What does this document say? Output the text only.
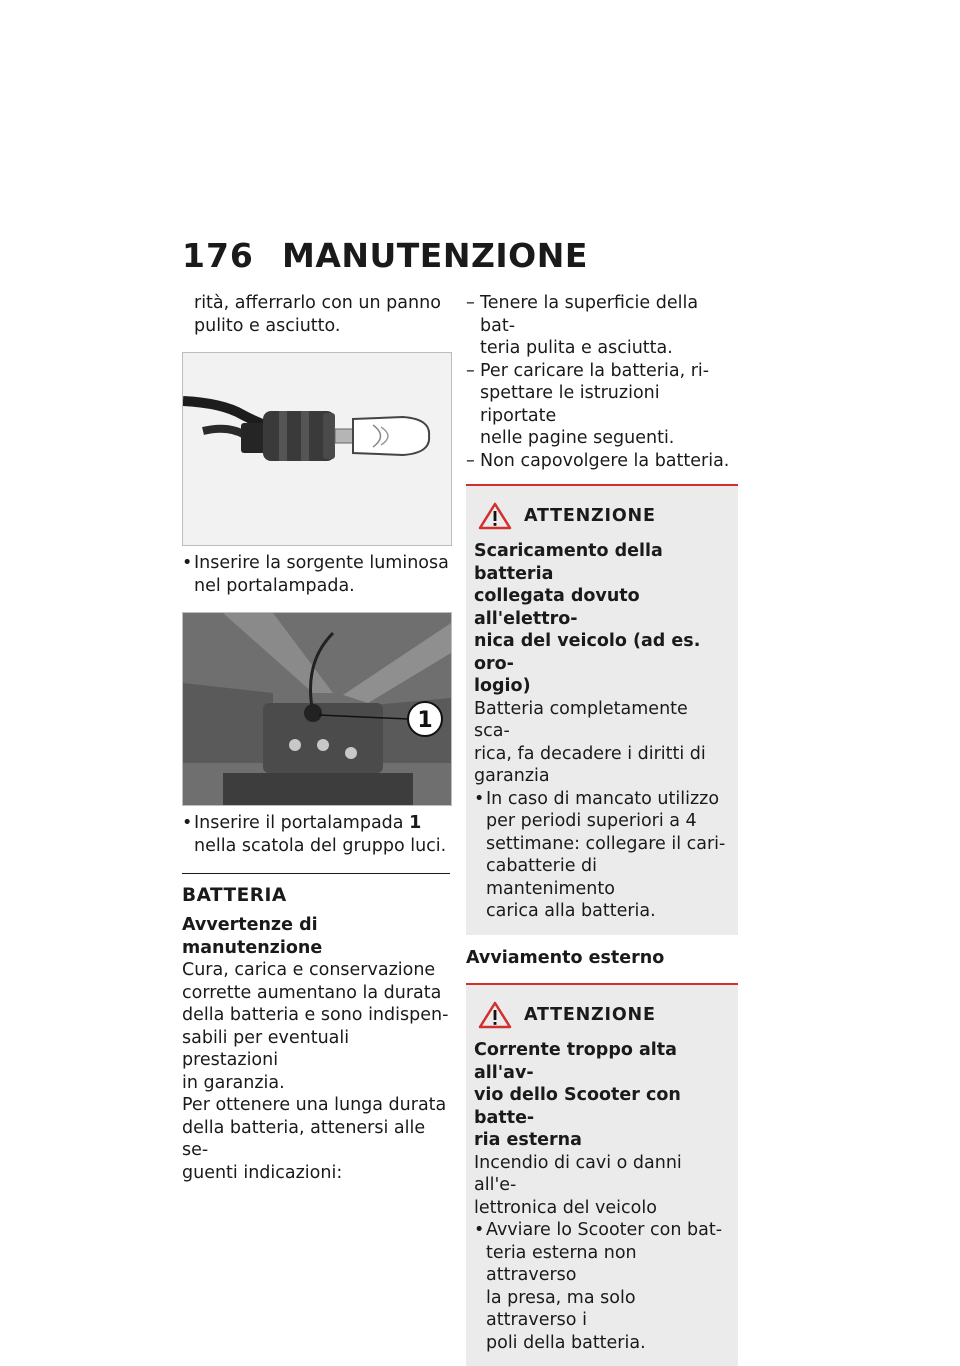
176 MANUTENZIONE

rità, afferrarlo con un panno

pulito e asciutto.

• Inserire la sorgente luminosa
nel portalampada.
1
• Inserire il portalampada 1
nella scatola del gruppo luci.

BATTERIA

Avvertenze di manutenzione

Cura, carica e conservazione

corrette aumentano la durata

della batteria e sono indispen-

sabili per eventuali prestazioni

in garanzia.

Per ottenere una lunga durata

della batteria, attenersi alle se-

guenti indicazioni:

– Tenere la superficie della bat-
teria pulita e asciutta.
– Per caricare la batteria, ri-
spettare le istruzioni riportate
nelle pagine seguenti.
– Non capovolgere la batteria.
ATTENZIONE
Scaricamento della batteria
collegata dovuto all'elettro-
nica del veicolo (ad es. oro-
logio)
Batteria completamente sca-
rica, fa decadere i diritti di
garanzia
• In caso di mancato utilizzo
per periodi superiori a 4
settimane: collegare il cari-
cabatterie di mantenimento
carica alla batteria.

Avviamento esterno

ATTENZIONE
Corrente troppo alta all'av-
vio dello Scooter con batte-
ria esterna
Incendio di cavi o danni all'e-
lettronica del veicolo
• Avviare lo Scooter con bat-
teria esterna non attraverso
la presa, ma solo attraverso i
poli della batteria.
